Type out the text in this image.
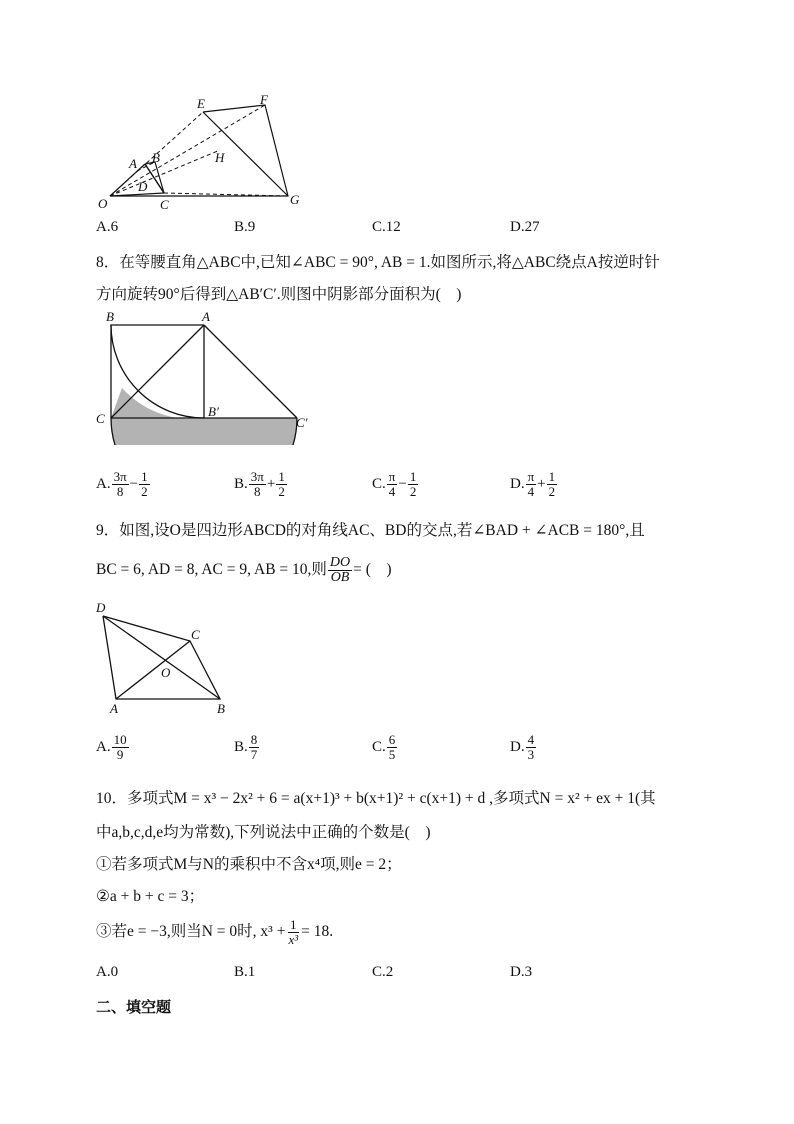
O
A B
D
C
E	F
G
H
A.6	B.9	C.12	D.27
8．在等腰直角△ABC中,已知∠ABC = 90°, AB = 1.如图所示,将△ABC绕点A按逆时针
方向旋转90°后得到△AB′C′.则图中阴影部分面积为(　)
B	A
C	B′
C′
A. $\frac{3\pi}{8} - \frac{1}{2}$	B. $\frac{3\pi}{8} + \frac{1}{2}$	C. $\frac{\pi}{4} - \frac{1}{2}$	D. $\frac{\pi}{4} + \frac{1}{2}$
9．如图,设O是四边形ABCD的对角线AC、BD的交点,若∠BAD + ∠ACB = 180°,且
BC = 6, AD = 8, AC = 9, AB = 10,则 $\frac{DO}{OB}$ = (　)
D
C
O
A	B
A. $\frac{10}{9}$	B. $\frac{8}{7}$	C. $\frac{6}{5}$	D. $\frac{4}{3}$
10．多项式M = x³ − 2x² + 6 = a(x+1)³ + b(x+1)² + c(x+1) + d ,多项式N = x² + ex + 1(其
中a,b,c,d,e均为常数),下列说法中正确的个数是(　)
①若多项式M与N的乘积中不含x⁴项,则e = 2；
②a + b + c = 3；
③若e = −3,则当N = 0时, $x^3 + \frac{1}{\text{x³}} = 18$.
A.0	B.1	C.2	D.3
二、填空题
